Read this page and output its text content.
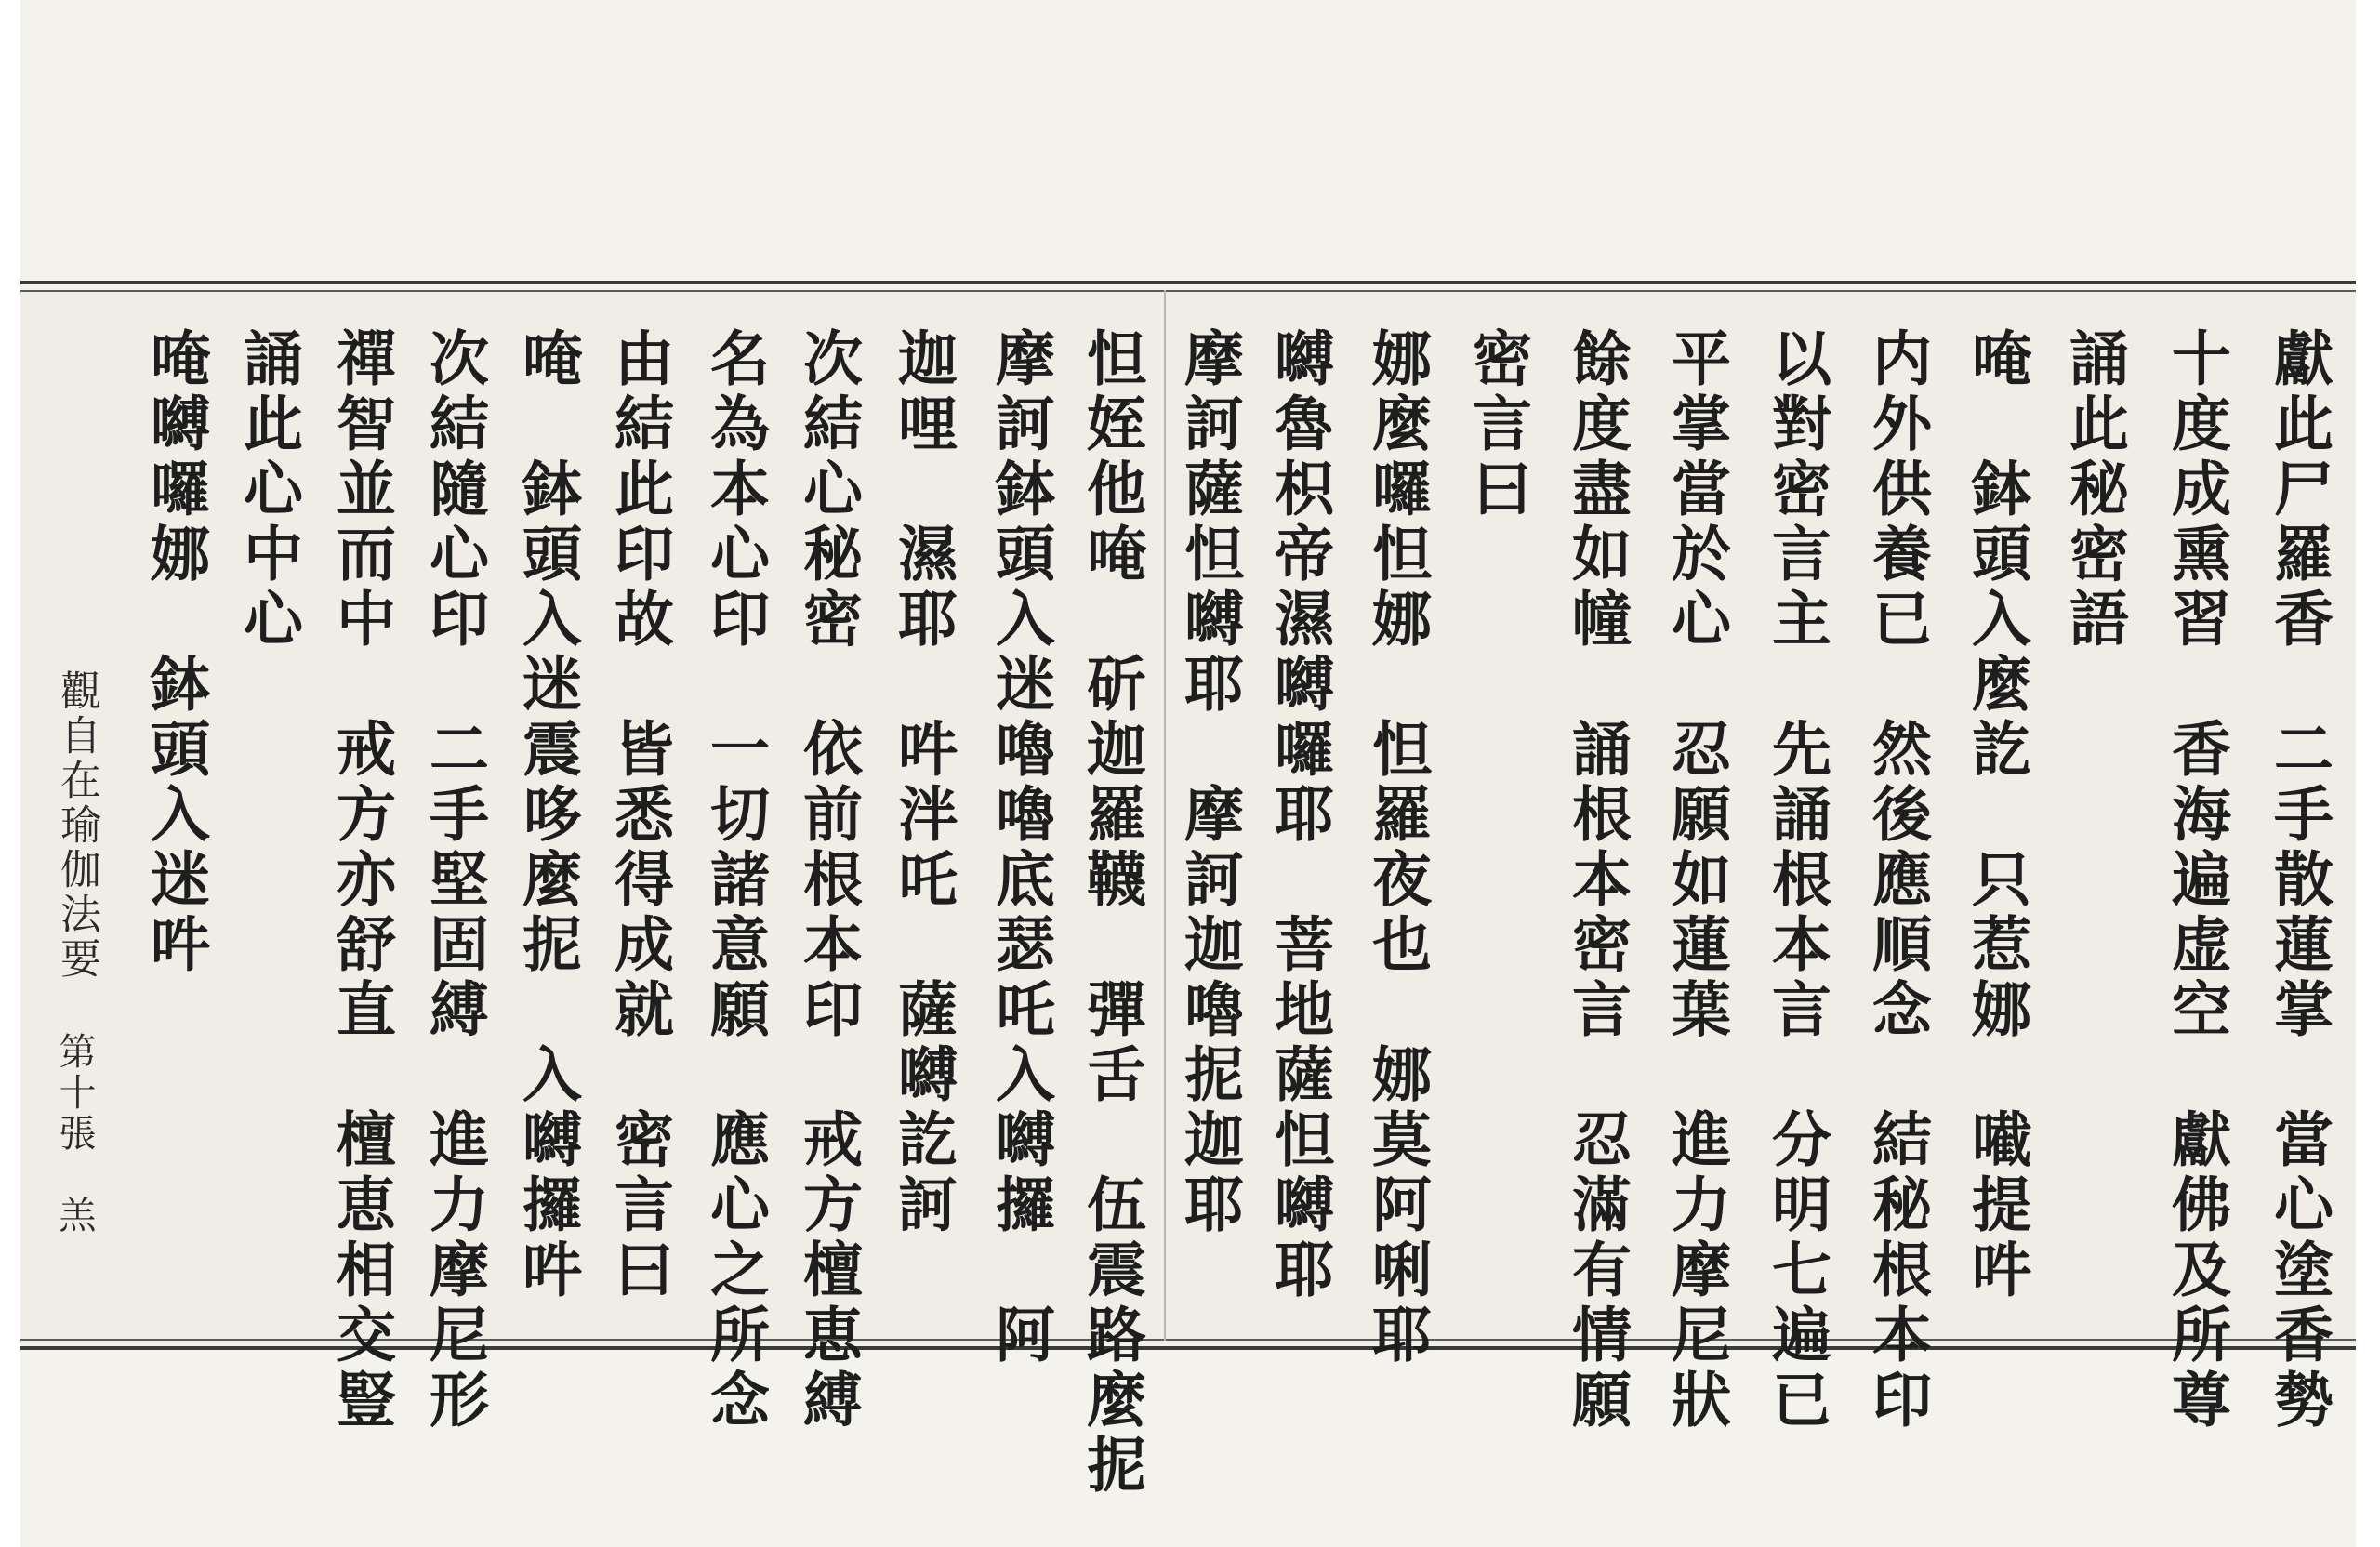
獻此尸羅香　二手散蓮掌　當心塗香勢
十度成熏習　香海遍虚空　獻佛及所尊
誦此秘密語
唵　鉢頭入麼訖　只惹娜　𡁶提吽
内外供養已　然後應順念　結秘根本印
以對密言主　先誦根本言　分明七遍已
平掌當於心　忍願如蓮葉　進力摩尼狀
餘度盡如幢　誦根本密言　忍滿有情願
密言曰
娜麼囉怛娜　怛羅夜也　娜莫阿唎耶
嚩魯枳帝濕嚩囉耶　菩地薩怛嚩耶
摩訶薩怛嚩耶　摩訶迦嚕抳迦耶
怛姪他唵　斫迦羅韈　彈舌　伍震路麼抳
摩訶鉢頭入迷嚕嚕底瑟吒入嚩攞　阿
迦哩　濕耶　吽泮吒　薩嚩訖訶
次結心秘密　依前根本印　戒方檀恵縛
名為本心印　一切諸意願　應心之所念
由結此印故　皆悉得成就　密言曰
唵　鉢頭入迷震哆麼抳　入嚩攞吽
次結隨心印　二手堅固縛　進力摩尼形
禪智並而中　戒方亦舒直　檀恵相交豎
誦此心中心
唵嚩囉娜　鉢頭入迷吽
觀自在瑜伽法要
第十張　羔
